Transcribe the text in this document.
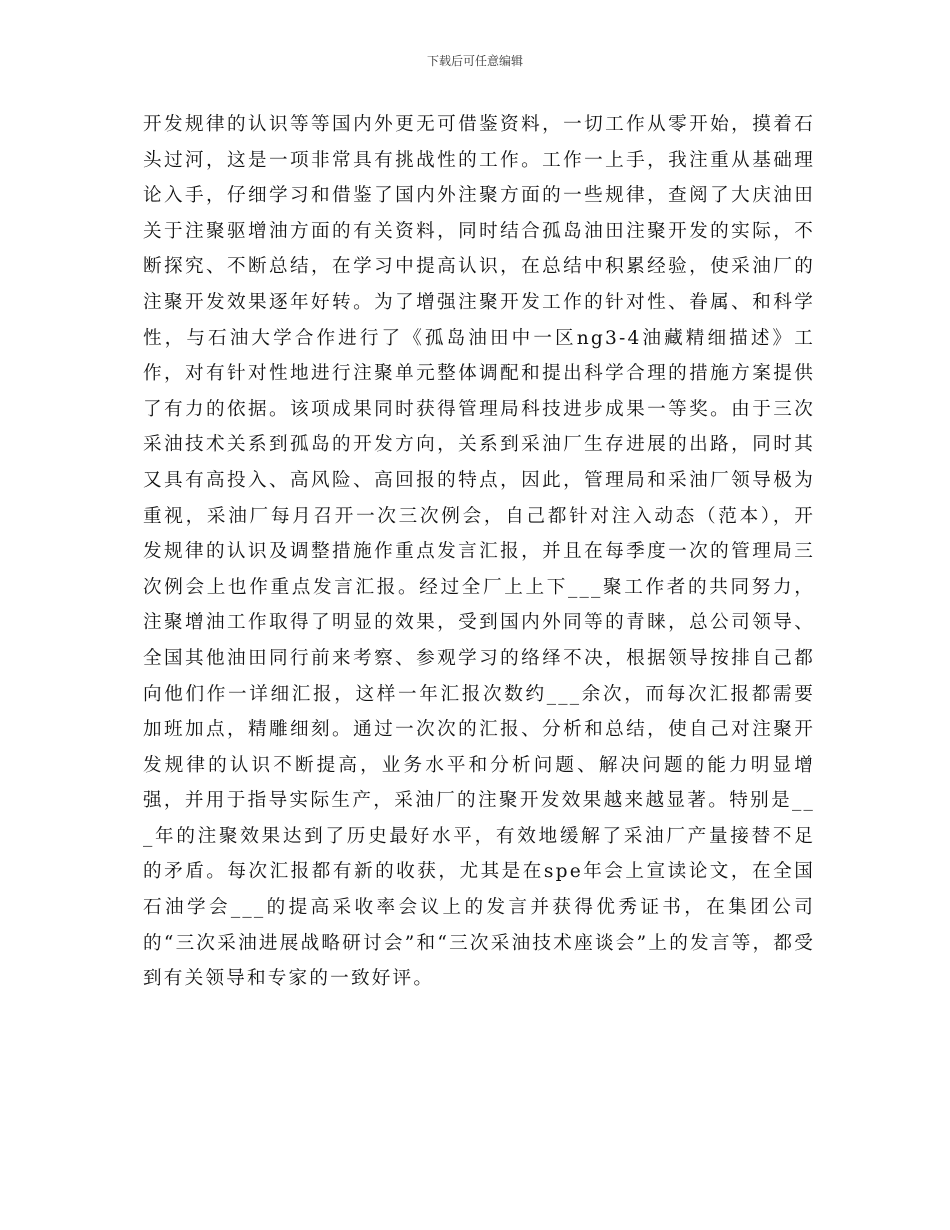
下载后可任意编辑

开发规律的认识等等国内外更无可借鉴资料，一切工作从零开始，摸着石头过河，这是一项非常具有挑战性的工作。工作一上手，我注重从基础理论入手，仔细学习和借鉴了国内外注聚方面的一些规律，查阅了大庆油田关于注聚驱增油方面的有关资料，同时结合孤岛油田注聚开发的实际，不断探究、不断总结，在学习中提高认识，在总结中积累经验，使采油厂的注聚开发效果逐年好转。为了增强注聚开发工作的针对性、眷属、和科学性，与石油大学合作进行了《孤岛油田中一区ng3-4油藏精细描述》工作，对有针对性地进行注聚单元整体调配和提出科学合理的措施方案提供了有力的依据。该项成果同时获得管理局科技进步成果一等奖。由于三次采油技术关系到孤岛的开发方向，关系到采油厂生存进展的出路，同时其又具有高投入、高风险、高回报的特点，因此，管理局和采油厂领导极为重视，采油厂每月召开一次三次例会，自己都针对注入动态（范本），开发规律的认识及调整措施作重点发言汇报，并且在每季度一次的管理局三次例会上也作重点发言汇报。经过全厂上上下___聚工作者的共同努力，注聚增油工作取得了明显的效果，受到国内外同等的青睐，总公司领导、全国其他油田同行前来考察、参观学习的络绎不决，根据领导按排自己都向他们作一详细汇报，这样一年汇报次数约___余次，而每次汇报都需要加班加点，精雕细刻。通过一次次的汇报、分析和总结，使自己对注聚开发规律的认识不断提高，业务水平和分析问题、解决问题的能力明显增强，并用于指导实际生产，采油厂的注聚开发效果越来越显著。特别是___年的注聚效果达到了历史最好水平，有效地缓解了采油厂产量接替不足的矛盾。每次汇报都有新的收获，尤其是在spe年会上宣读论文，在全国石油学会___的提高采收率会议上的发言并获得优秀证书，在集团公司的“三次采油进展战略研讨会”和“三次采油技术座谈会”上的发言等，都受到有关领导和专家的一致好评。
